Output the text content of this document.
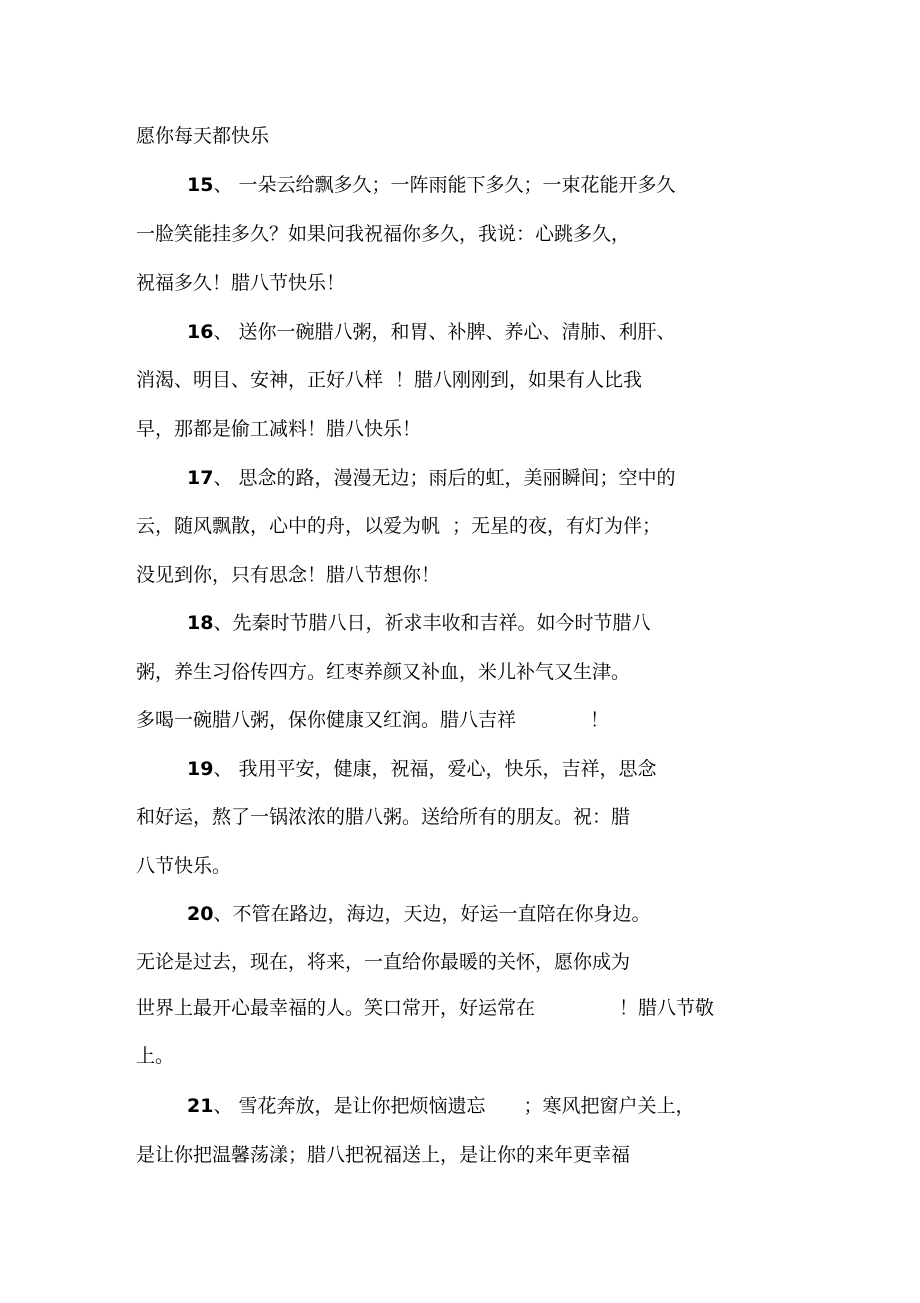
愿你每天都快乐
15、 一朵云给飘多久；一阵雨能下多久；一束花能开多久
一脸笑能挂多久？如果问我祝福你多久，我说：心跳多久，
祝福多久！腊八节快乐！
16、 送你一碗腊八粥，和胃、补脾、养心、清肺、利肝、
消渴、明目、安神，正好八样 ！腊八刚刚到，如果有人比我
早，那都是偷工减料！腊八快乐！
17、 思念的路，漫漫无边；雨后的虹，美丽瞬间；空中的
云，随风飘散，心中的舟，以爱为帆 ；无星的夜，有灯为伴；
没见到你，只有思念！腊八节想你！
18、先秦时节腊八日，祈求丰收和吉祥。如今时节腊八
粥，养生习俗传四方。红枣养颜又补血，米儿补气又生津。
多喝一碗腊八粥，保你健康又红润。腊八吉祥	！
19、 我用平安，健康，祝福，爱心，快乐，吉祥，思念
和好运，熬了一锅浓浓的腊八粥。送给所有的朋友。祝：腊
八节快乐。
20、不管在路边，海边，天边，好运一直陪在你身边。
无论是过去，现在，将来，一直给你最暖的关怀，愿你成为
世界上最开心最幸福的人。笑口常开，好运常在	！腊八节敬
上。
21、 雪花奔放，是让你把烦恼遗忘 ；寒风把窗户关上，
是让你把温馨荡漾；腊八把祝福送上，是让你的来年更幸福
